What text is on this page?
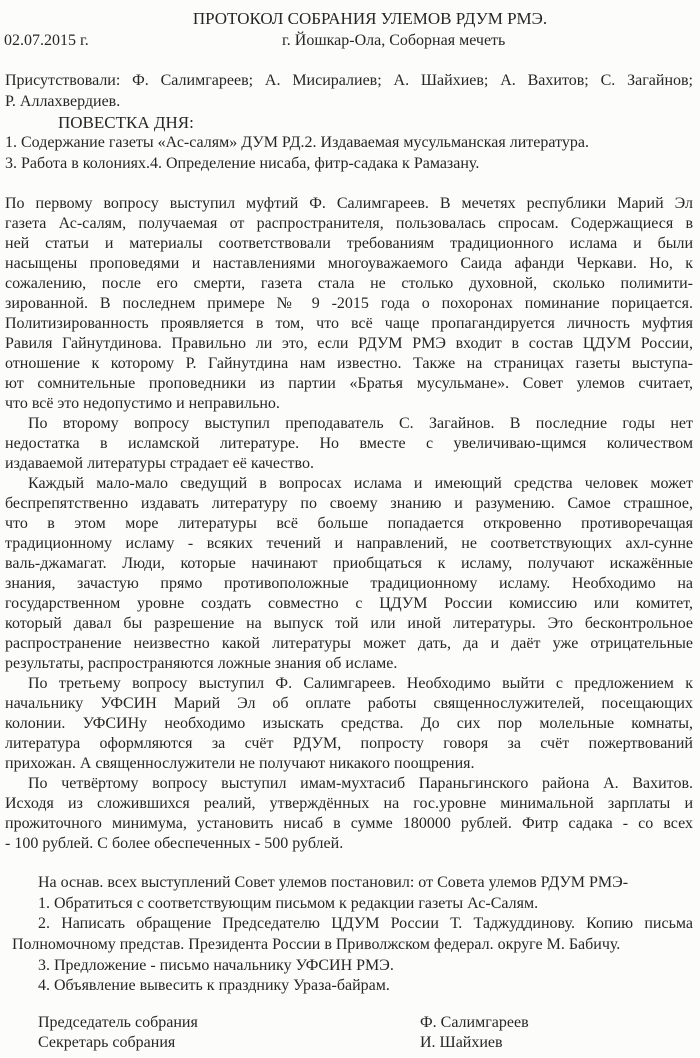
ПРОТОКОЛ СОБРАНИЯ УЛЕМОВ РДУМ РМЭ.
02.07.2015 г.	г. Йошкар-Ола, Соборная мечеть
Присутствовали: Ф. Салимгареев; А. Мисиралиев; А. Шайхиев; А. Вахитов; С. Загайнов;
Р. Аллахвердиев.
ПОВЕСТКА ДНЯ:
1. Содержание газеты «Ас-салям» ДУМ РД.2. Издаваемая мусульманская литература.
3. Работа в колониях.4. Определение нисаба, фитр-садака к Рамазану.
По первому вопросу выступил муфтий Ф. Салимгареев. В мечетях республики Марий Эл
газета Ас-салям, получаемая от распространителя, пользовалась спросам. Содержащиеся в
ней статьи и материалы соответствовали требованиям традиционного ислама и были
насыщены проповедями и наставлениями многоуважаемого Саида афанди Черкави. Но, к
сожалению, после его смерти, газета стала не столько духовной, сколько полимити-
зированной. В последнем примере № 9 -2015 года о похоронах поминание порицается.
Политизированность проявляется в том, что всё чаще пропагандируется личность муфтия
Равиля Гайнутдинова. Правильно ли это, если РДУМ РМЭ входит в состав ЦДУМ России,
отношение к которому Р. Гайнутдина нам известно. Также на страницах газеты выступа-
ют сомнительные проповедники из партии «Братья мусульмане». Совет улемов считает,
что всё это недопустимо и неправильно.
По второму вопросу выступил преподаватель С. Загайнов. В последние годы нет
недостатка в исламской литературе. Но вместе с увеличиваю-щимся количеством
издаваемой литературы страдает её качество.
Каждый мало-мало сведущий в вопросах ислама и имеющий средства человек может
беспрепятственно издавать литературу по своему знанию и разумению. Самое страшное,
что в этом море литературы всё больше попадается откровенно противоречащая
традиционному исламу - всяких течений и направлений, не соответствующих ахл-сунне
валь-джамагат. Люди, которые начинают приобщаться к исламу, получают искажённые
знания, зачастую прямо противоположные традиционному исламу. Необходимо на
государственном уровне создать совместно с ЦДУМ России комиссию или комитет,
который давал бы разрешение на выпуск той или иной литературы. Это бесконтрольное
распространение неизвестно какой литературы может дать, да и даёт уже отрицательные
результаты, распространяются ложные знания об исламе.
По третьему вопросу выступил Ф. Салимгареев. Необходимо выйти с предложением к
начальнику УФСИН Марий Эл об оплате работы священнослужителей, посещающих
колонии. УФСИНу необходимо изыскать средства. До сих пор молельные комнаты,
литература оформляются за счёт РДУМ, попросту говоря за счёт пожертвований
прихожан. А священнослужители не получают никакого поощрения.
По четвёртому вопросу выступил имам-мухтасиб Параньгинского района А. Вахитов.
Исходя из сложившихся реалий, утверждённых на гос.уровне минимальной зарплаты и
прожиточного минимума, установить нисаб в сумме 180000 рублей. Фитр садака - со всех
- 100 рублей. С более обеспеченных - 500 рублей.
На оснав. всех выступлений Совет улемов постановил: от Совета улемов РДУМ РМЭ-
1. Обратиться с соответствующим письмом к редакции газеты Ас-Салям.
2. Написать обращение Председателю ЦДУМ России Т. Таджуддинову. Копию письма
Полномочному представ. Президента России в Приволжском федерал. округе М. Бабичу.
3. Предложение - письмо начальнику УФСИН РМЭ.
4. Объявление вывесить к празднику Ураза-байрам.
Председатель собрания	Ф. Салимгареев
Секретарь собрания	И. Шайхиев
